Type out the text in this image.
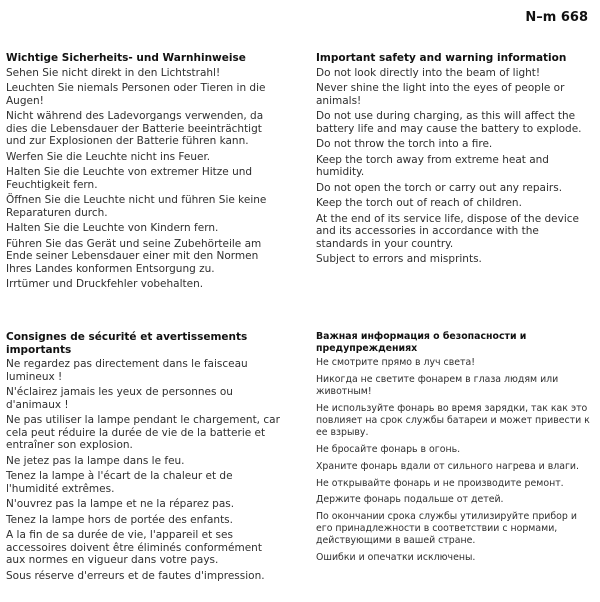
N–m 668
Wichtige Sicherheits- und Warnhinweise
Sehen Sie nicht direkt in den Lichtstrahl!
Leuchten Sie niemals Personen oder Tieren in die Augen!
Nicht während des Ladevorgangs verwenden, da dies die Lebensdauer der Batterie beeinträchtigt und zur Explosionen der Batterie führen kann.
Werfen Sie die Leuchte nicht ins Feuer.
Halten Sie die Leuchte von extremer Hitze und Feuchtigkeit fern.
Öffnen Sie die Leuchte nicht und führen Sie keine Reparaturen durch.
Halten Sie die Leuchte von Kindern fern.
Führen Sie das Gerät und seine Zubehörteile am Ende seiner Lebensdauer einer mit den Normen Ihres Landes konformen Entsorgung zu.
Irrtümer und Druckfehler vobehalten.
Important safety and warning information
Do not look directly into the beam of light!
Never shine the light into the eyes of people or animals!
Do not use during charging, as this will affect the battery life and may cause the battery to explode.
Do not throw the torch into a fire.
Keep the torch away from extreme heat and humidity.
Do not open the torch or carry out any repairs.
Keep the torch out of reach of children.
At the end of its service life, dispose of the device and its accessories in accordance with the standards in your country.
Subject to errors and misprints.
Consignes de sécurité et avertissements importants
Ne regardez pas directement dans le faisceau lumineux !
N'éclairez jamais les yeux de personnes ou d'animaux !
Ne pas utiliser la lampe pendant le chargement, car cela peut réduire la durée de vie de la batterie et entraîner son explosion.
Ne jetez pas la lampe dans le feu.
Tenez la lampe à l'écart de la chaleur et de l'humidité extrêmes.
N'ouvrez pas la lampe et ne la réparez pas.
Tenez la lampe hors de portée des enfants.
A la fin de sa durée de vie, l'appareil et ses accessoires doivent être éliminés conformément aux normes en vigueur dans votre pays.
Sous réserve d'erreurs et de fautes d'impression.
Важная информация о безопасности и предупреждениях
Не смотрите прямо в луч света!
Никогда не светите фонарем в глаза людям или животным!
Не используйте фонарь во время зарядки, так как это повлияет на срок службы батареи и может привести к ее взрыву.
Не бросайте фонарь в огонь.
Храните фонарь вдали от сильного нагрева и влаги.
Не открывайте фонарь и не производите ремонт.
Держите фонарь подальше от детей.
По окончании срока службы утилизируйте прибор и его принадлежности в соответствии с нормами, действующими в вашей стране.
Ошибки и опечатки исключены.
